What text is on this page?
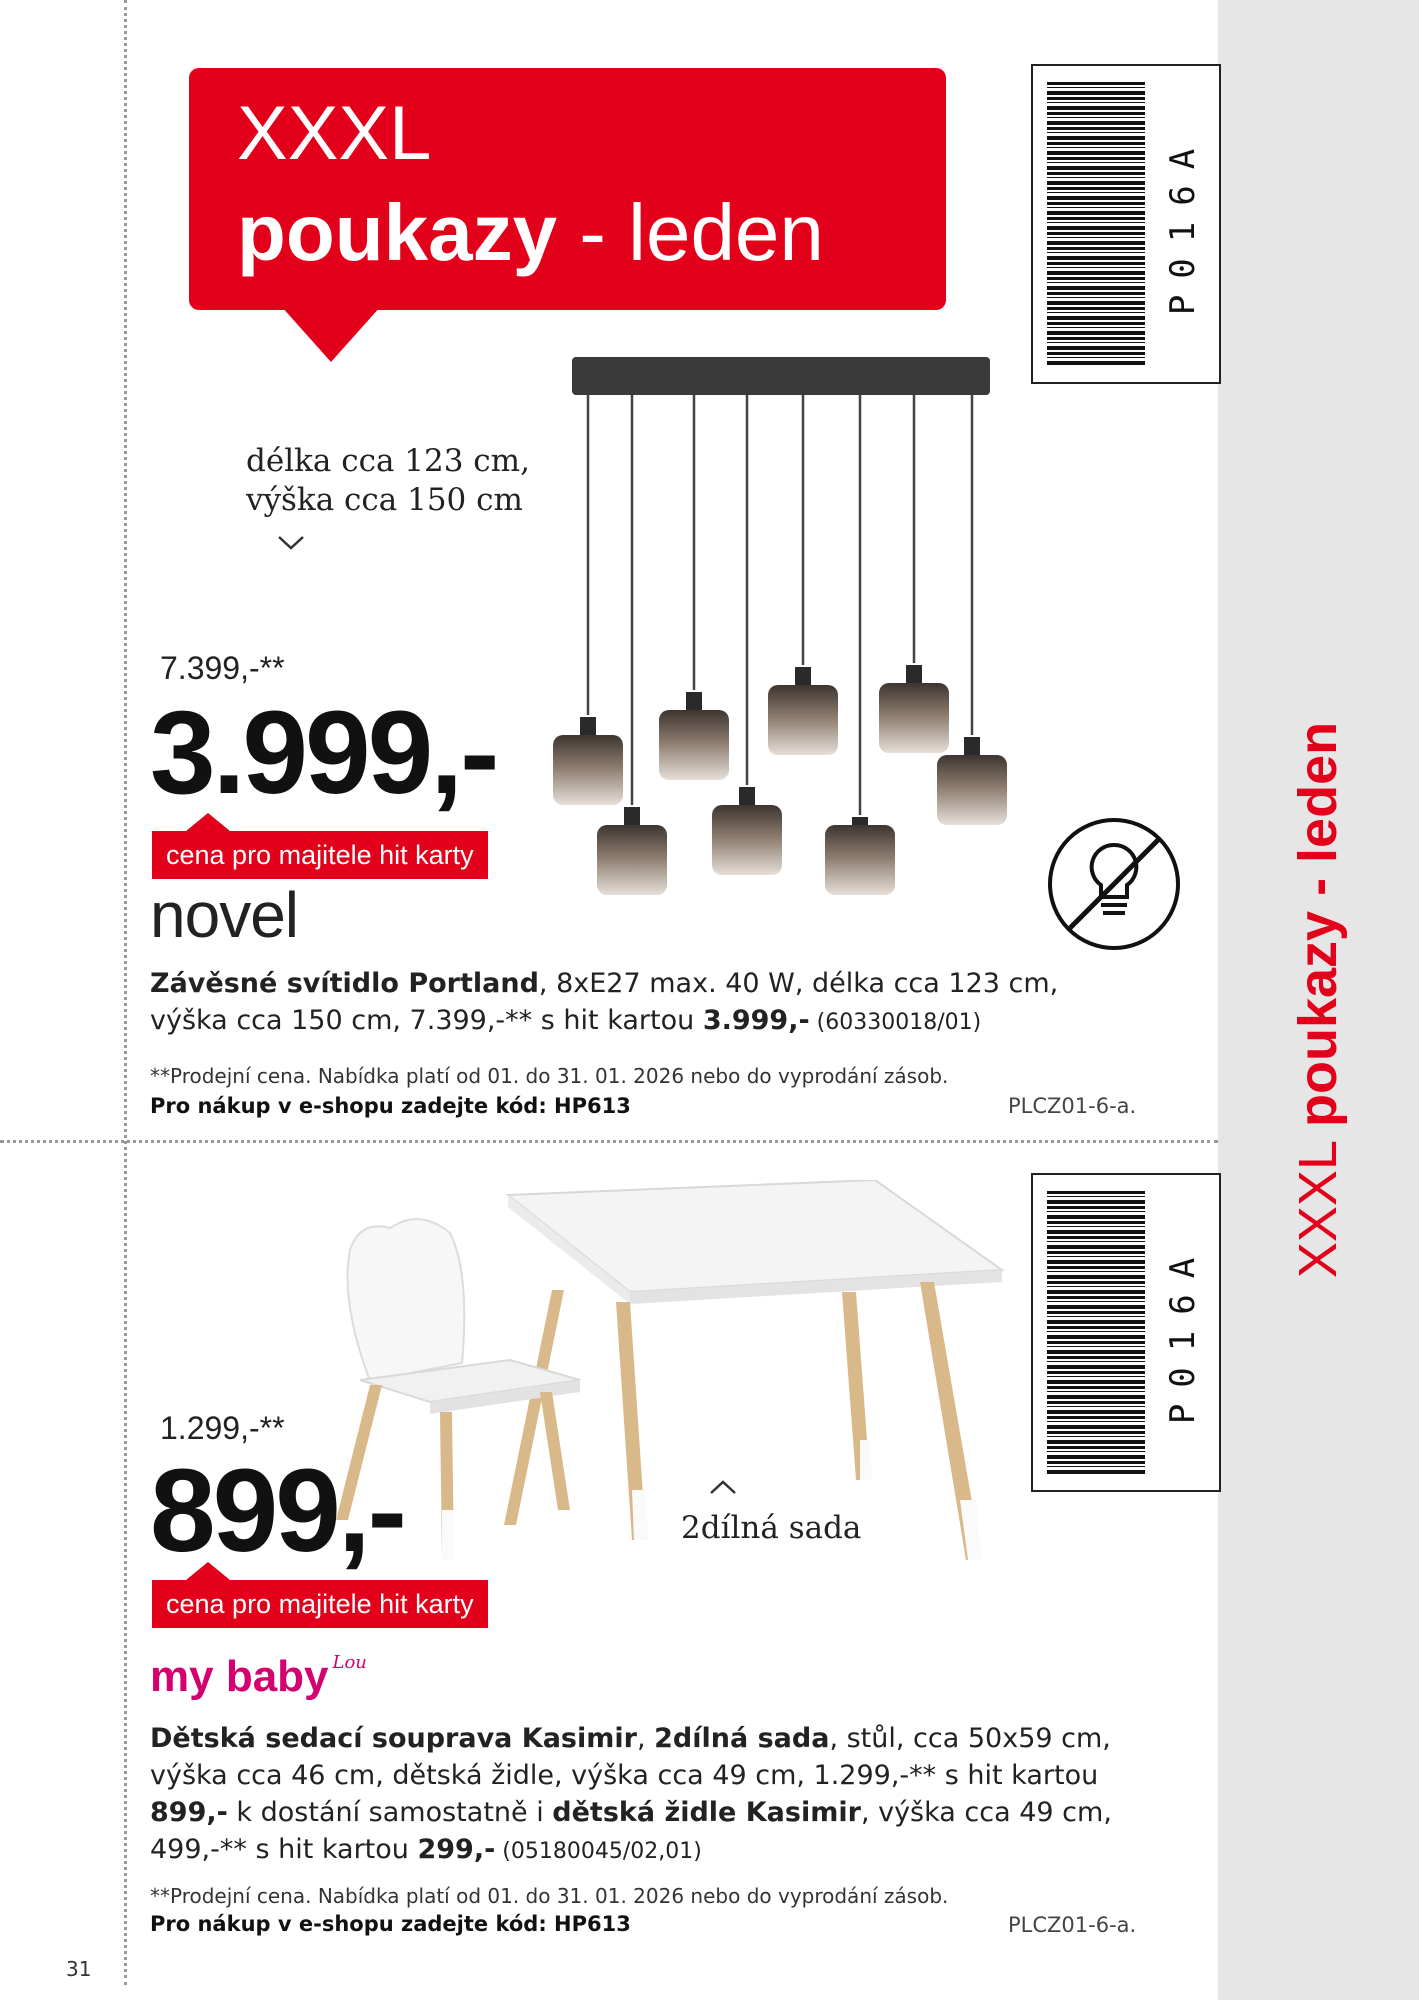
XXXL poukazy - leden
XXXL
poukazy - leden	P016A
délka cca 123 cm,
výška cca 150 cm
7.399,-**
3.999,-
cena pro majitele hit karty
novel
Závěsné svítidlo Portland, 8xE27 max. 40 W, délka cca 123 cm,
výška cca 150 cm, 7.399,-** s hit kartou 3.999,- (60330018/01)
**Prodejní cena. Nabídka platí od 01. do 31. 01. 2026 nebo do vyprodání zásob.
Pro nákup v e-shopu zadejte kód: HP613	PLCZ01-6-a.
P016A
2dílná sada
1.299,-**
899,-
cena pro majitele hit karty
my baby $^{Lou}$
Dětská sedací souprava Kasimir, 2dílná sada, stůl, cca 50x59 cm,
výška cca 46 cm, dětská židle, výška cca 49 cm, 1.299,-** s hit kartou
899,- k dostání samostatně i dětská židle Kasimir, výška cca 49 cm,
499,-** s hit kartou 299,- (05180045/02,01)
**Prodejní cena. Nabídka platí od 01. do 31. 01. 2026 nebo do vyprodání zásob.
Pro nákup v e-shopu zadejte kód: HP613	PLCZ01-6-a.
31
